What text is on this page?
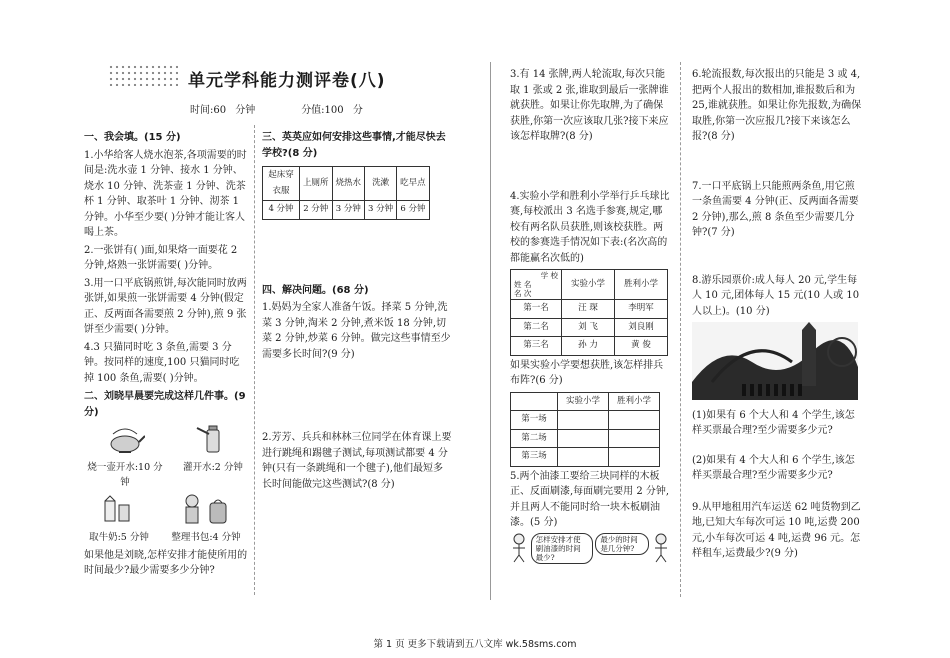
单元学科能力测评卷(八)
时间:60 分钟	分值:100 分

一、我会填。(15 分)

1.小华给客人烧水泡茶,各项需要的时间是:洗水壶 1 分钟、接水 1 分钟、烧水 10 分钟、洗茶壶 1 分钟、洗茶杯 1 分钟、取茶叶 1 分钟、沏茶 1 分钟。小华至少要( )分钟才能让客人喝上茶。

2.一张饼有( )面,如果烙一面要花 2 分钟,烙熟一张饼需要( )分钟。

3.用一口平底锅煎饼,每次能同时放两张饼,如果煎一张饼需要 4 分钟(假定正、反两面各需要煎 2 分钟),煎 9 张饼至少需要( )分钟。

4.3 只猫同时吃 3 条鱼,需要 3 分钟。按同样的速度,100 只猫同时吃掉 100 条鱼,需要( )分钟。

二、刘晓早晨要完成这样几件事。(9 分)

烧一壶开水:10 分钟
灌开水:2 分钟
取牛奶:5 分钟	整理书包:4 分钟

如果他是刘晓,怎样安排才能使所用的时间最少?最少需要多少分钟?

三、英英应如何安排这些事情,才能尽快去学校?(8 分)

起床穿衣服	上厕所	烧热水	洗漱	吃早点
4 分钟	2 分钟	3 分钟	3 分钟	6 分钟

四、解决问题。(68 分)

1.妈妈为全家人准备午饭。择菜 5 分钟,洗菜 3 分钟,淘米 2 分钟,煮米饭 18 分钟,切菜 2 分钟,炒菜 6 分钟。做完这些事情至少需要多长时间?(9 分)

2.芳芳、兵兵和林林三位同学在体育课上要进行跳绳和踢毽子测试,每项测试都要 4 分钟(只有一条跳绳和一个毽子),他们最短多长时间能做完这些测试?(8 分)

3.有 14 张牌,两人轮流取,每次只能取 1 张或 2 张,谁取到最后一张牌谁就获胜。如果让你先取牌,为了确保获胜,你第一次应该取几张?接下来应该怎样取牌?(8 分)

4.实验小学和胜利小学举行乒乓球比赛,每校派出 3 名选手参赛,规定,哪校有两名队员获胜,则该校获胜。两校的参赛选手情况如下表:(名次高的都能赢名次低的)

学 校
姓 名
名 次	实验小学	胜利小学
第一名	汪 琛	李明军
第二名	刘 飞	刘良刚
第三名	孙 力	黄 俊

如果实验小学要想获胜,该怎样排兵布阵?(6 分)

	实验小学	胜利小学
第一场		
第二场		
第三场		

5.两个油漆工要给三块同样的木板正、反面刷漆,每面刷完要用 2 分钟,并且两人不能同时给一块木板刷油漆。(5 分)

怎样安排才使刷油漆的时间最少?
最少的时间是几分钟?

6.轮流报数,每次报出的只能是 3 或 4,把两个人报出的数相加,谁报数后和为 25,谁就获胜。如果让你先报数,为确保取胜,你第一次应报几?接下来该怎么报?(8 分)

7.一口平底锅上只能煎两条鱼,用它煎一条鱼需要 4 分钟(正、反两面各需要 2 分钟),那么,煎 8 条鱼至少需要几分钟?(7 分)

8.游乐园票价:成人每人 20 元,学生每人 10 元,团体每人 15 元(10 人或 10 人以上)。(10 分)

(1)如果有 6 个大人和 4 个学生,该怎样买票最合理?至少需要多少元?

(2)如果有 4 个大人和 6 个学生,该怎样买票最合理?至少需要多少元?

9.从甲地租用汽车运送 62 吨货物到乙地,已知大车每次可运 10 吨,运费 200 元,小车每次可运 4 吨,运费 96 元。怎样租车,运费最少?(9 分)

第 1 页 更多下载请到五八文库 wk.58sms.com
